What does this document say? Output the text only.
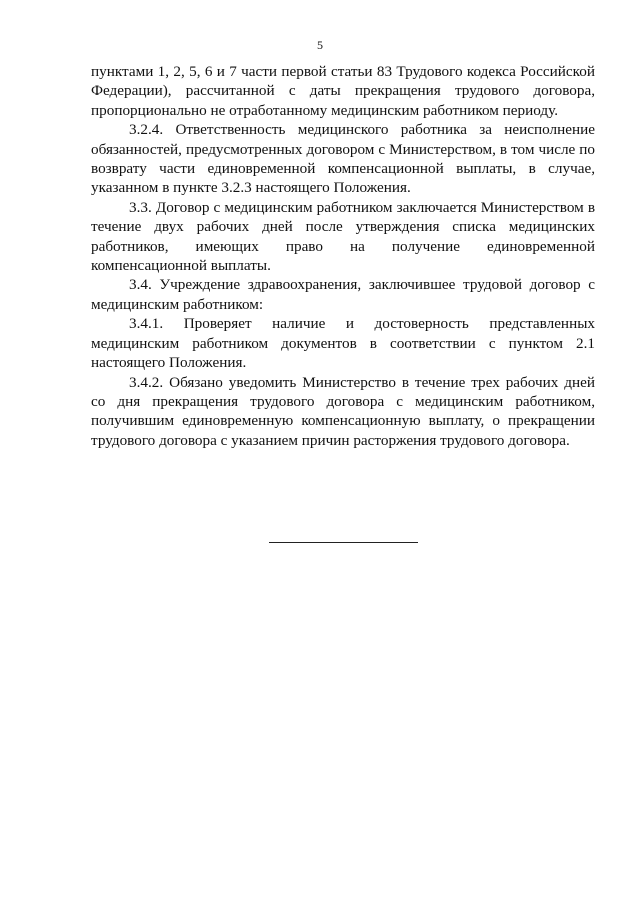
5

пунктами 1, 2, 5, 6 и 7 части первой статьи 83 Трудового кодекса Российской Федерации), рассчитанной с даты прекращения трудового договора, пропорционально не отработанному медицинским работником периоду.

3.2.4. Ответственность медицинского работника за неисполнение обязанностей, предусмотренных договором с Министерством, в том числе по возврату части единовременной компенсационной выплаты, в случае, указанном в пункте 3.2.3 настоящего Положения.

3.3. Договор с медицинским работником заключается Министерством в течение двух рабочих дней после утверждения списка медицинских работников, имеющих право на получение единовременной компенсационной выплаты.

3.4. Учреждение здравоохранения, заключившее трудовой договор с медицинским работником:

3.4.1. Проверяет наличие и достоверность представленных медицинским работником документов в соответствии с пунктом 2.1 настоящего Положения.

3.4.2. Обязано уведомить Министерство в течение трех рабочих дней со дня прекращения трудового договора с медицинским работником, получившим единовременную компенсационную выплату, о прекращении трудового договора с указанием причин расторжения трудового договора.
